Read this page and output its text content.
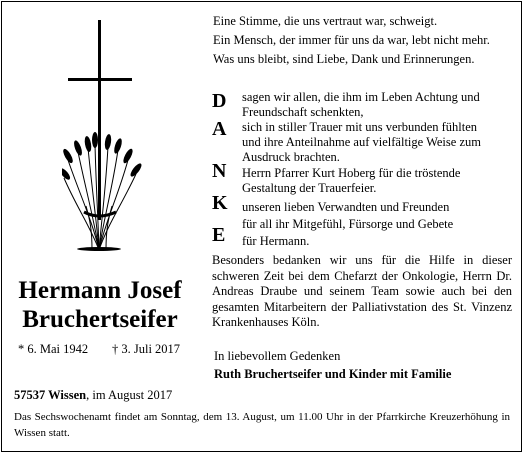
Hermann Josef
Bruchertseifer
* 6. Mai 1942 † 3. Juli 2017
Eine Stimme, die uns vertraut war, schweigt.
Ein Mensch, der immer für uns da war, lebt nicht mehr.
Was uns bleibt, sind Liebe, Dank und Erinnerungen.
D
A
N
K
E
sagen wir allen, die ihm im Leben Achtung und
Freundschaft schenkten,
sich in stiller Trauer mit uns verbunden fühlten
und ihre Anteilnahme auf vielfältige Weise zum
Ausdruck brachten.
Herrn Pfarrer Kurt Hoberg für die tröstende
Gestaltung der Trauerfeier.
unseren lieben Verwandten und Freunden
für all ihr Mitgefühl, Fürsorge und Gebete
für Hermann.
Besonders bedanken wir uns für die Hilfe in dieser schweren Zeit bei dem Chefarzt der Onkologie, Herrn Dr. Andreas Draube und seinem Team sowie auch bei den gesamten Mitarbeitern der Palliativstation des St. Vinzenz Krankenhauses Köln.
In liebevollem Gedenken
Ruth Bruchertseifer und Kinder mit Familie
57537 Wissen, im August 2017
Das Sechswochenamt findet am Sonntag, dem 13. August, um 11.00 Uhr in der Pfarrkirche Kreuzerhöhung in Wissen statt.
